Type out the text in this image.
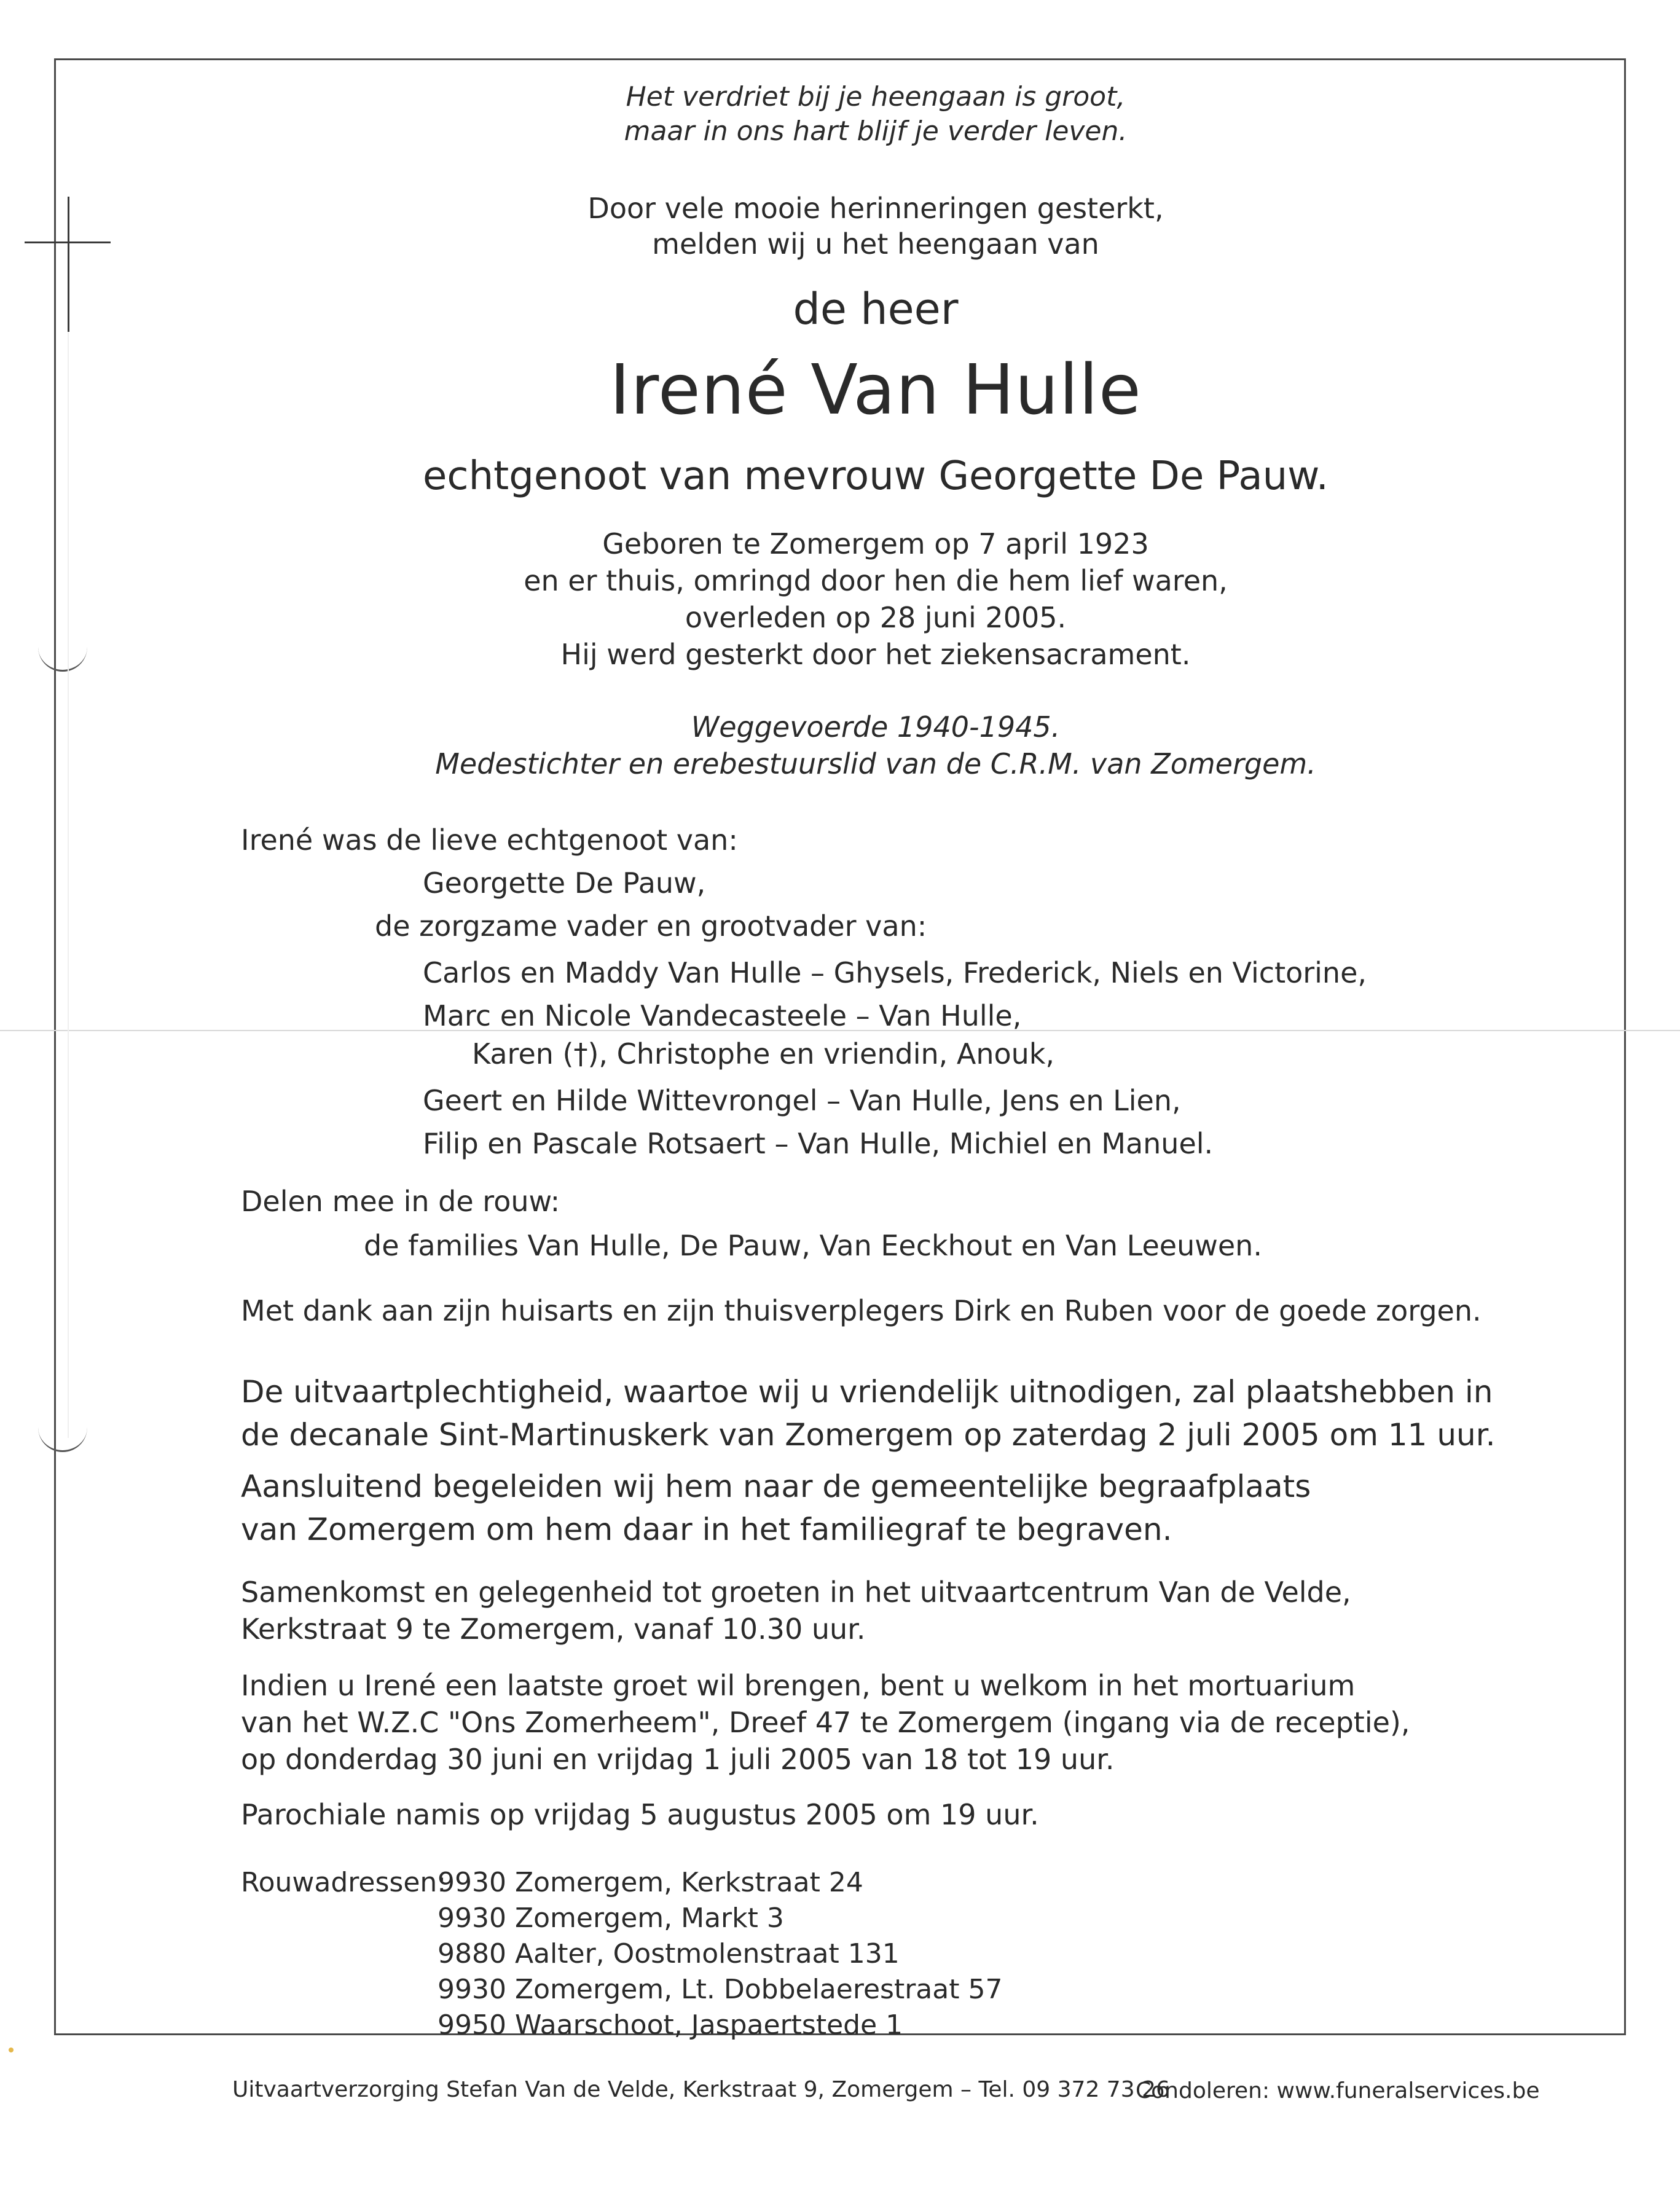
Het verdriet bij je heengaan is groot,
maar in ons hart blijf je verder leven.
Door vele mooie herinneringen gesterkt,
melden wij u het heengaan van
de heer
Irené Van Hulle
echtgenoot van mevrouw Georgette De Pauw.
Geboren te Zomergem op 7 april 1923
en er thuis, omringd door hen die hem lief waren,
overleden op 28 juni 2005.
Hij werd gesterkt door het ziekensacrament.
Weggevoerde 1940-1945.
Medestichter en erebestuurslid van de C.R.M. van Zomergem.
Irené was de lieve echtgenoot van:
Georgette De Pauw,
de zorgzame vader en grootvader van:
Carlos en Maddy Van Hulle – Ghysels, Frederick, Niels en Victorine,
Marc en Nicole Vandecasteele – Van Hulle,
Karen (†), Christophe en vriendin, Anouk,
Geert en Hilde Wittevrongel – Van Hulle, Jens en Lien,
Filip en Pascale Rotsaert – Van Hulle, Michiel en Manuel.
Delen mee in de rouw:
de families Van Hulle, De Pauw, Van Eeckhout en Van Leeuwen.
Met dank aan zijn huisarts en zijn thuisverplegers Dirk en Ruben voor de goede zorgen.
De uitvaartplechtigheid, waartoe wij u vriendelijk uitnodigen, zal plaatshebben in
de decanale Sint-Martinuskerk van Zomergem op zaterdag 2 juli 2005 om 11 uur.
Aansluitend begeleiden wij hem naar de gemeentelijke begraafplaats
van Zomergem om hem daar in het familiegraf te begraven.
Samenkomst en gelegenheid tot groeten in het uitvaartcentrum Van de Velde,
Kerkstraat 9 te Zomergem, vanaf 10.30 uur.
Indien u Irené een laatste groet wil brengen, bent u welkom in het mortuarium
van het W.Z.C "Ons Zomerheem", Dreef 47 te Zomergem (ingang via de receptie),
op donderdag 30 juni en vrijdag 1 juli 2005 van 18 tot 19 uur.
Parochiale namis op vrijdag 5 augustus 2005 om 19 uur.
Rouwadressen:
9930 Zomergem, Kerkstraat 24
9930 Zomergem, Markt 3
9880 Aalter, Oostmolenstraat 131
9930 Zomergem, Lt. Dobbelaerestraat 57
9950 Waarschoot, Jaspaertstede 1
Uitvaartverzorging Stefan Van de Velde, Kerkstraat 9, Zomergem – Tel. 09 372 73 26
Condoleren: www.funeralservices.be
